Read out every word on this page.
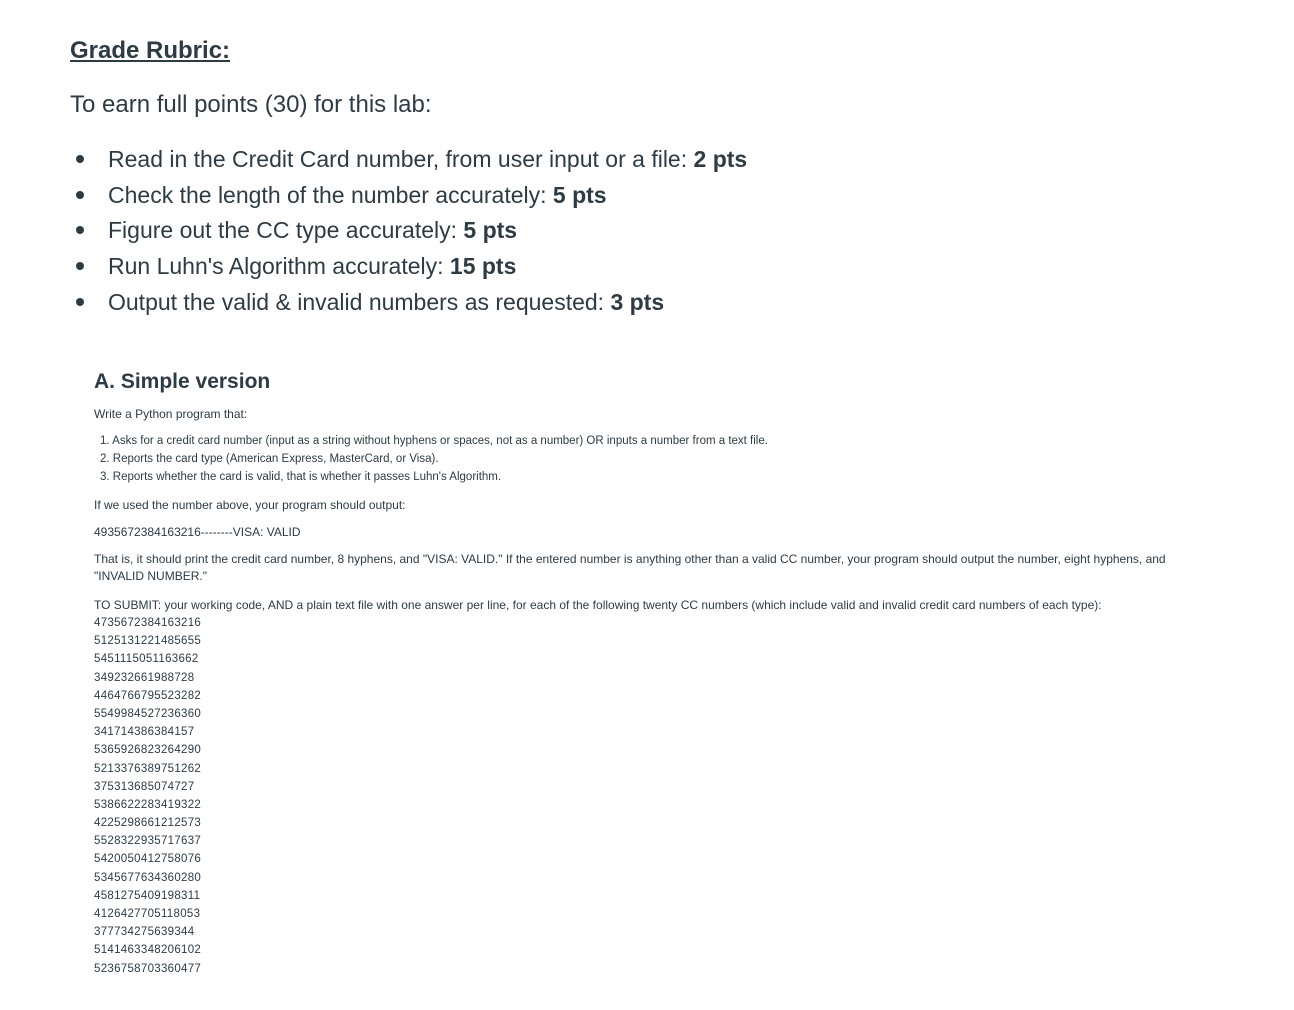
Grade Rubric:

To earn full points (30) for this lab:

Read in the Credit Card number, from user input or a file: 2 pts
Check the length of the number accurately: 5 pts
Figure out the CC type accurately: 5 pts
Run Luhn's Algorithm accurately: 15 pts
Output the valid & invalid numbers as requested: 3 pts
A. Simple version

Write a Python program that:

1. Asks for a credit card number (input as a string without hyphens or spaces, not as a number) OR inputs a number from a text file.
2. Reports the card type (American Express, MasterCard, or Visa).
3. Reports whether the card is valid, that is whether it passes Luhn's Algorithm.

If we used the number above, your program should output:

4935672384163216--------VISA: VALID

That is, it should print the credit card number, 8 hyphens, and "VISA: VALID." If the entered number is anything other than a valid CC number, your program should output the number, eight hyphens, and "INVALID NUMBER."

TO SUBMIT: your working code, AND a plain text file with one answer per line, for each of the following twenty CC numbers (which include valid and invalid credit card numbers of each type):

4735672384163216
5125131221485655
5451115051163662
349232661988728
4464766795523282
5549984527236360
341714386384157
5365926823264290
5213376389751262
375313685074727
5386622283419322
4225298661212573
5528322935717637
5420050412758076
5345677634360280
4581275409198311
4126427705118053
377734275639344
5141463348206102
5236758703360477
